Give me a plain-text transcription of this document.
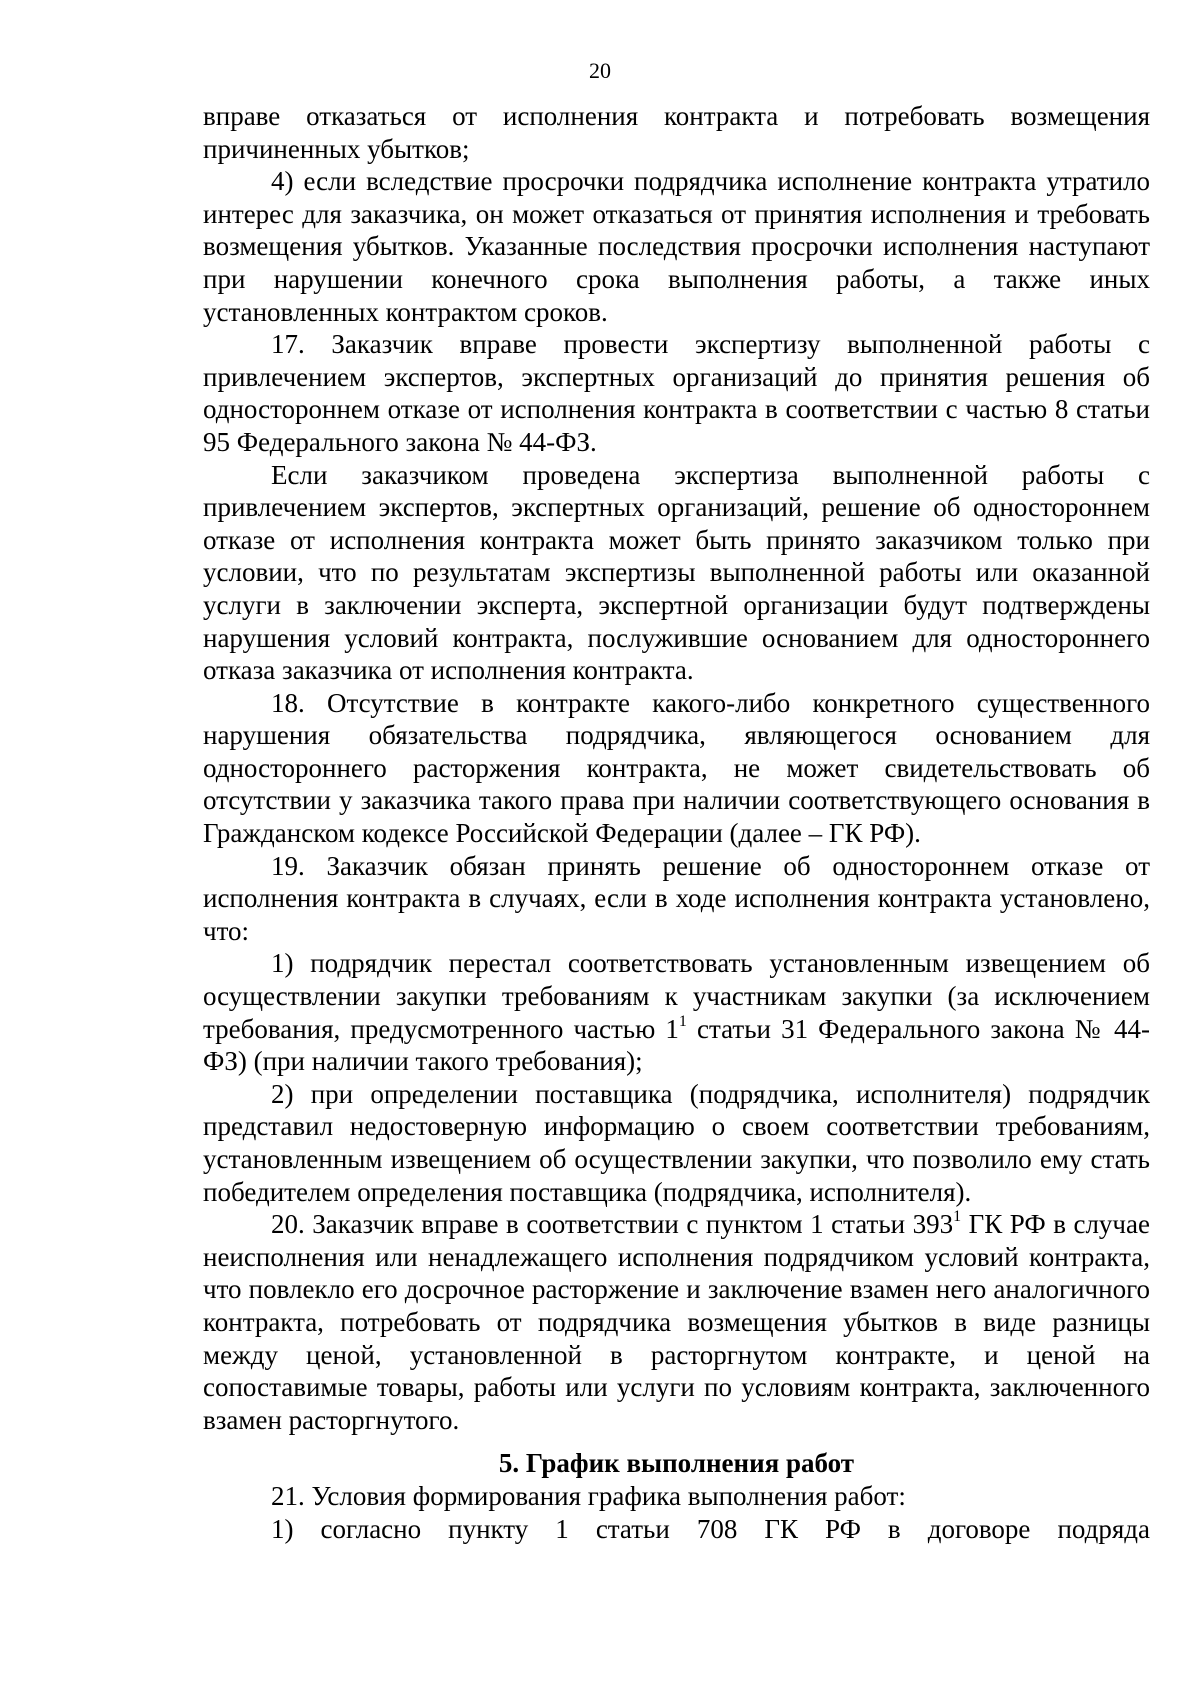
20

вправе отказаться от исполнения контракта и потребовать возмещения причиненных убытков;

4) если вследствие просрочки подрядчика исполнение контракта утратило интерес для заказчика, он может отказаться от принятия исполнения и требовать возмещения убытков. Указанные последствия просрочки исполнения наступают при нарушении конечного срока выполнения работы, а также иных установленных контрактом сроков.

17. Заказчик вправе провести экспертизу выполненной работы с привлечением экспертов, экспертных организаций до принятия решения об одностороннем отказе от исполнения контракта в соответствии с частью 8 статьи 95 Федерального закона № 44-ФЗ.

Если заказчиком проведена экспертиза выполненной работы с привлечением экспертов, экспертных организаций, решение об одностороннем отказе от исполнения контракта может быть принято заказчиком только при условии, что по результатам экспертизы выполненной работы или оказанной услуги в заключении эксперта, экспертной организации будут подтверждены нарушения условий контракта, послужившие основанием для одностороннего отказа заказчика от исполнения контракта.

18. Отсутствие в контракте какого-либо конкретного существенного нарушения обязательства подрядчика, являющегося основанием для одностороннего расторжения контракта, не может свидетельствовать об отсутствии у заказчика такого права при наличии соответствующего основания в Гражданском кодексе Российской Федерации (далее – ГК РФ).

19. Заказчик обязан принять решение об одностороннем отказе от исполнения контракта в случаях, если в ходе исполнения контракта установлено, что:

1) подрядчик перестал соответствовать установленным извещением об осуществлении закупки требованиям к участникам закупки (за исключением требования, предусмотренного частью $1^1$ статьи 31 Федерального закона № 44-ФЗ) (при наличии такого требования);

2) при определении поставщика (подрядчика, исполнителя) подрядчик представил недостоверную информацию о своем соответствии требованиям, установленным извещением об осуществлении закупки, что позволило ему стать победителем определения поставщика (подрядчика, исполнителя).

20. Заказчик вправе в соответствии с пунктом 1 статьи $393^1$ ГК РФ в случае неисполнения или ненадлежащего исполнения подрядчиком условий контракта, что повлекло его досрочное расторжение и заключение взамен него аналогичного контракта, потребовать от подрядчика возмещения убытков в виде разницы между ценой, установленной в расторгнутом контракте, и ценой на сопоставимые товары, работы или услуги по условиям контракта, заключенного взамен расторгнутого.

5. График выполнения работ

21. Условия формирования графика выполнения работ:

1) согласно пункту 1 статьи 708 ГК РФ в договоре подряда
